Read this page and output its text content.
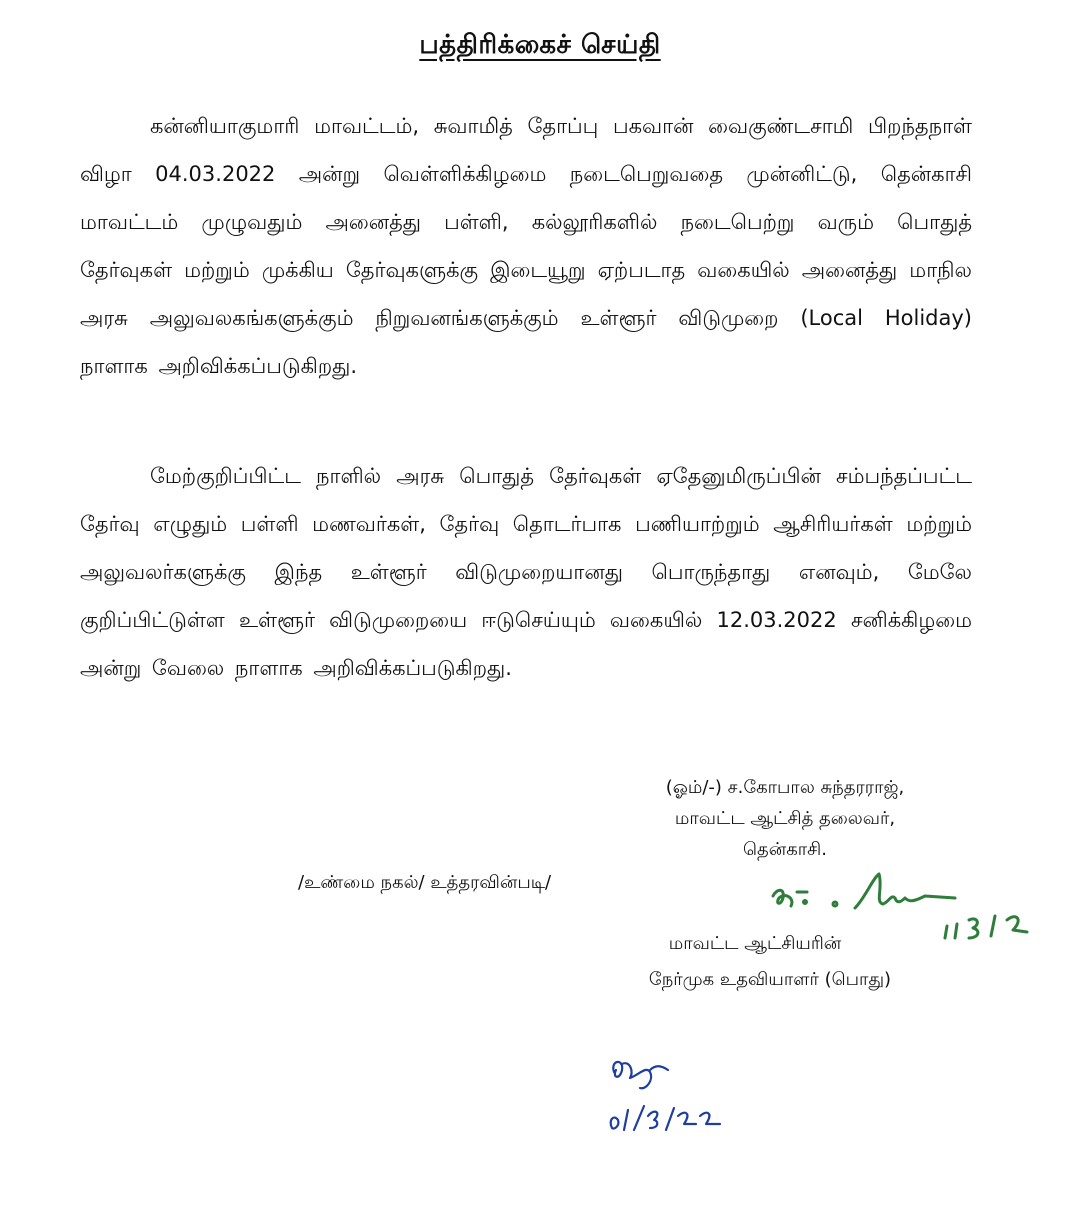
பத்திரிக்கைச் செய்தி
கன்னியாகுமாரி மாவட்டம், சுவாமித் தோப்பு பகவான் வைகுண்டசாமி பிறந்தநாள் விழா 04.03.2022 அன்று வெள்ளிக்கிழமை நடைபெறுவதை முன்னிட்டு, தென்காசி மாவட்டம் முழுவதும் அனைத்து பள்ளி, கல்லூரிகளில் நடைபெற்று வரும் பொதுத் தேர்வுகள் மற்றும் முக்கிய தேர்வுகளுக்கு இடையூறு ஏற்படாத வகையில் அனைத்து மாநில அரசு அலுவலகங்களுக்கும் நிறுவனங்களுக்கும் உள்ளூர் விடுமுறை (Local Holiday) நாளாக அறிவிக்கப்படுகிறது.
மேற்குறிப்பிட்ட நாளில் அரசு பொதுத் தேர்வுகள் ஏதேனுமிருப்பின் சம்பந்தப்பட்ட தேர்வு எழுதும் பள்ளி மணவர்கள், தேர்வு தொடர்பாக பணியாற்றும் ஆசிரியர்கள் மற்றும் அலுவலர்களுக்கு இந்த உள்ளூர் விடுமுறையானது பொருந்தாது எனவும், மேலே குறிப்பிட்டுள்ள உள்ளூர் விடுமுறையை ஈடுசெய்யும் வகையில் 12.03.2022 சனிக்கிழமை அன்று வேலை நாளாக அறிவிக்கப்படுகிறது.
(ஓம்/-) ச.கோபால சுந்தரராஜ்,
மாவட்ட ஆட்சித் தலைவர்,
தென்காசி.
/உண்மை நகல்/ உத்தரவின்படி/
மாவட்ட ஆட்சியரின்
நேர்முக உதவியாளர் (பொது)
